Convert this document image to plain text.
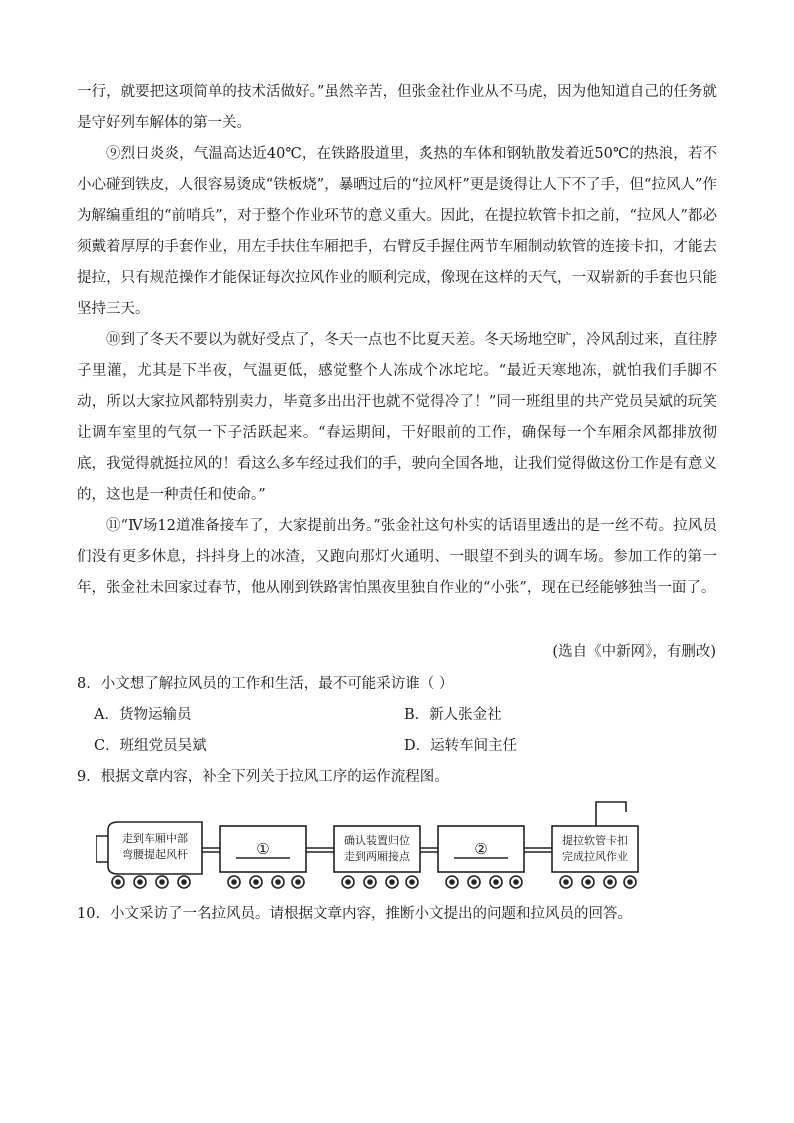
一行，就要把这项简单的技术活做好。”虽然辛苦，但张金社作业从不马虎，因为他知道自己的任务就是守好列车解体的第一关。

⑨烈日炎炎，气温高达近40℃，在铁路股道里，炙热的车体和钢轨散发着近50℃的热浪，若不小心碰到铁皮，人很容易烫成“铁板烧”，暴晒过后的“拉风杆”更是烫得让人下不了手，但“拉风人”作为解编重组的“前哨兵”，对于整个作业环节的意义重大。因此，在提拉软管卡扣之前，“拉风人”都必须戴着厚厚的手套作业，用左手扶住车厢把手，右臂反手握住两节车厢制动软管的连接卡扣，才能去提拉，只有规范操作才能保证每次拉风作业的顺利完成，像现在这样的天气，一双崭新的手套也只能坚持三天。

⑩到了冬天不要以为就好受点了，冬天一点也不比夏天差。冬天场地空旷，冷风刮过来，直往脖子里灌，尤其是下半夜，气温更低，感觉整个人冻成个冰坨坨。“最近天寒地冻，就怕我们手脚不动，所以大家拉风都特别卖力，毕竟多出出汗也就不觉得冷了！”同一班组里的共产党员吴斌的玩笑让调车室里的气氛一下子活跃起来。“春运期间，干好眼前的工作，确保每一个车厢余风都排放彻底，我觉得就挺拉风的！看这么多车经过我们的手，驶向全国各地，让我们觉得做这份工作是有意义的，这也是一种责任和使命。”

⑪“Ⅳ场12道准备接车了，大家提前出务。”张金社这句朴实的话语里透出的是一丝不苟。拉风员们没有更多休息，抖抖身上的冰渣，又跑向那灯火通明、一眼望不到头的调车场。参加工作的第一年，张金社未回家过春节，他从刚到铁路害怕黑夜里独自作业的“小张”，现在已经能够独当一面了。

(选自《中新网》，有删改)
8．小文想了解拉风员的工作和生活，最不可能采访谁（ ）
A．货物运输员	B．新人张金社
C．班组党员吴斌	D．运转车间主任
9．根据文章内容，补全下列关于拉风工序的运作流程图。
走到车厢中部
弯腰提起风杆	①	确认装置归位
走到两厢接点	②	提拉软管卡扣
完成拉风作业
10．小文采访了一名拉风员。请根据文章内容，推断小文提出的问题和拉风员的回答。
